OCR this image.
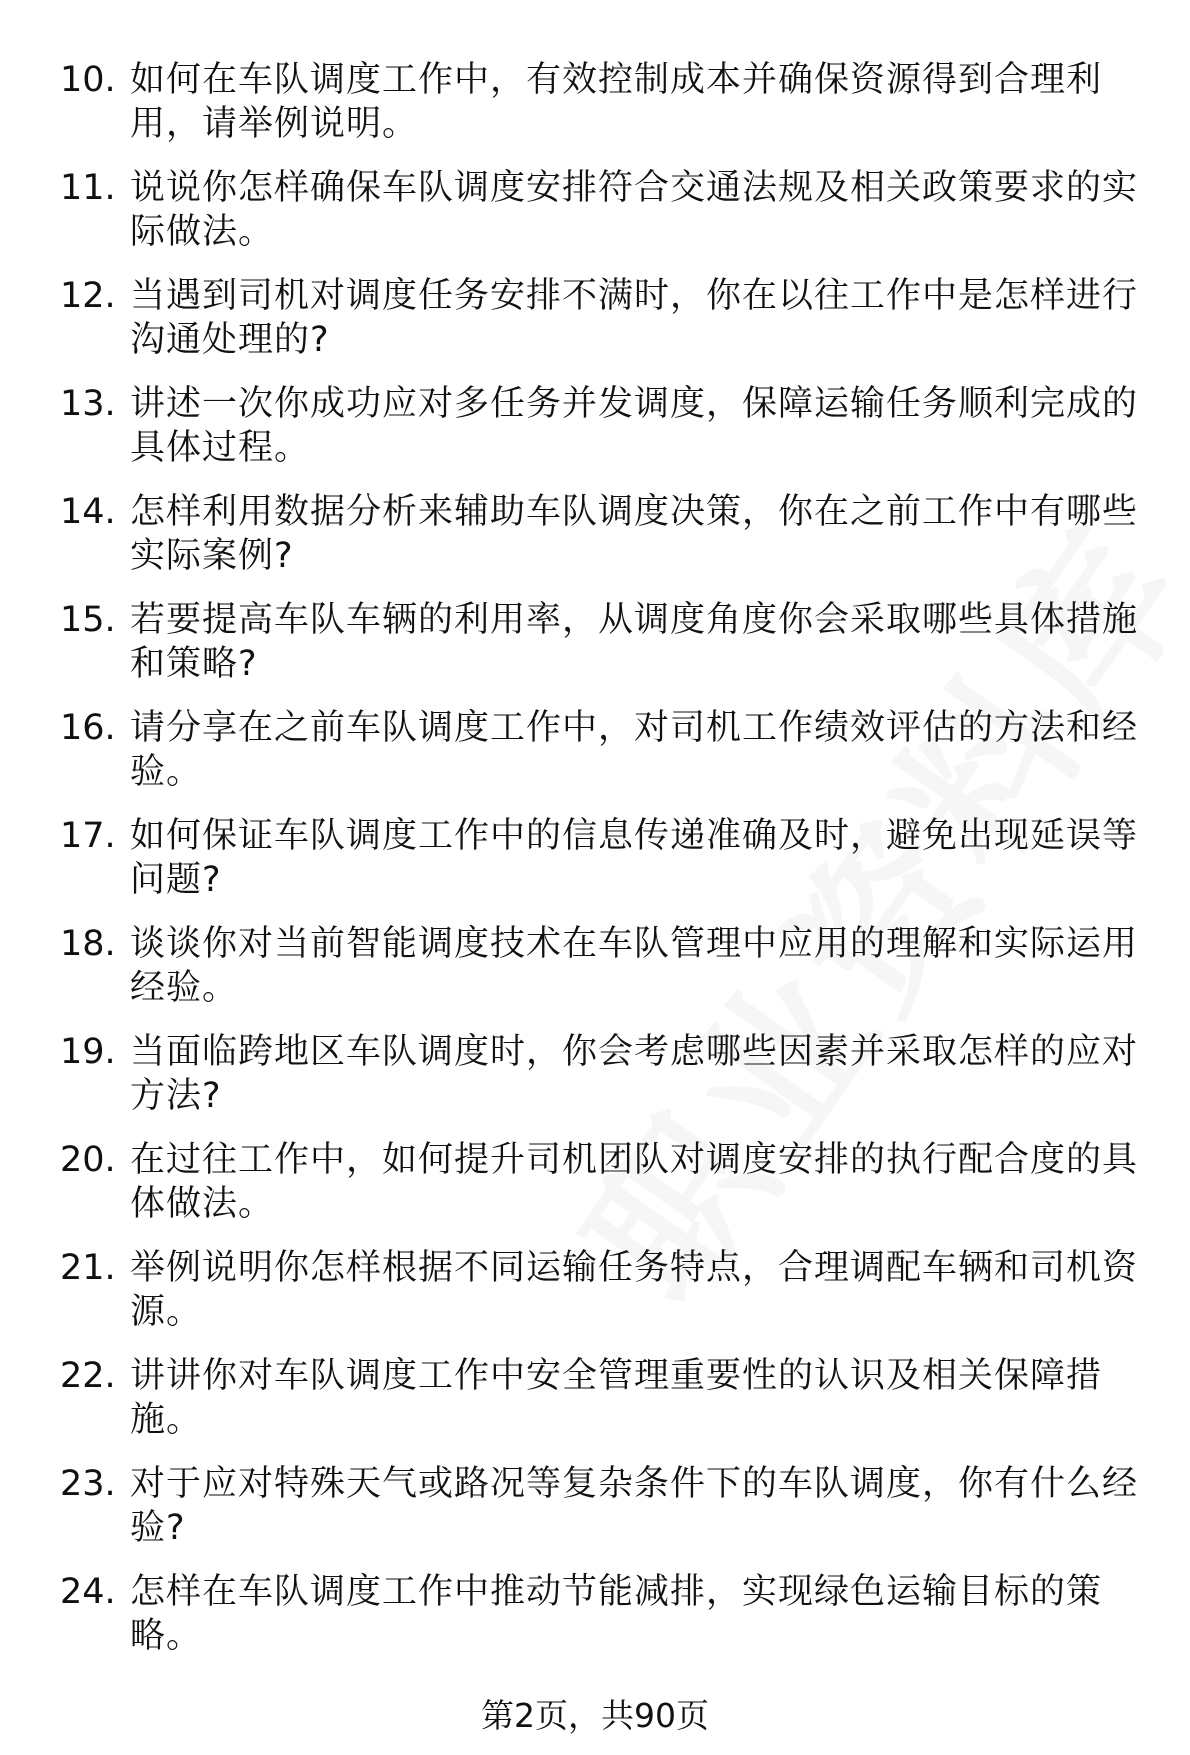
10. 如何在车队调度工作中，有效控制成本并确保资源得到合理利用，请举例说明。
11. 说说你怎样确保车队调度安排符合交通法规及相关政策要求的实际做法。
12. 当遇到司机对调度任务安排不满时，你在以往工作中是怎样进行沟通处理的?
13. 讲述一次你成功应对多任务并发调度，保障运输任务顺利完成的具体过程。
14. 怎样利用数据分析来辅助车队调度决策，你在之前工作中有哪些实际案例?
15. 若要提高车队车辆的利用率，从调度角度你会采取哪些具体措施和策略?
16. 请分享在之前车队调度工作中，对司机工作绩效评估的方法和经验。
17. 如何保证车队调度工作中的信息传递准确及时，避免出现延误等问题?
18. 谈谈你对当前智能调度技术在车队管理中应用的理解和实际运用经验。
19. 当面临跨地区车队调度时，你会考虑哪些因素并采取怎样的应对方法?
20. 在过往工作中，如何提升司机团队对调度安排的执行配合度的具体做法。
21. 举例说明你怎样根据不同运输任务特点，合理调配车辆和司机资源。
22. 讲讲你对车队调度工作中安全管理重要性的认识及相关保障措施。
23. 对于应对特殊天气或路况等复杂条件下的车队调度，你有什么经验?
24. 怎样在车队调度工作中推动节能减排，实现绿色运输目标的策略。
第2页，共90页
